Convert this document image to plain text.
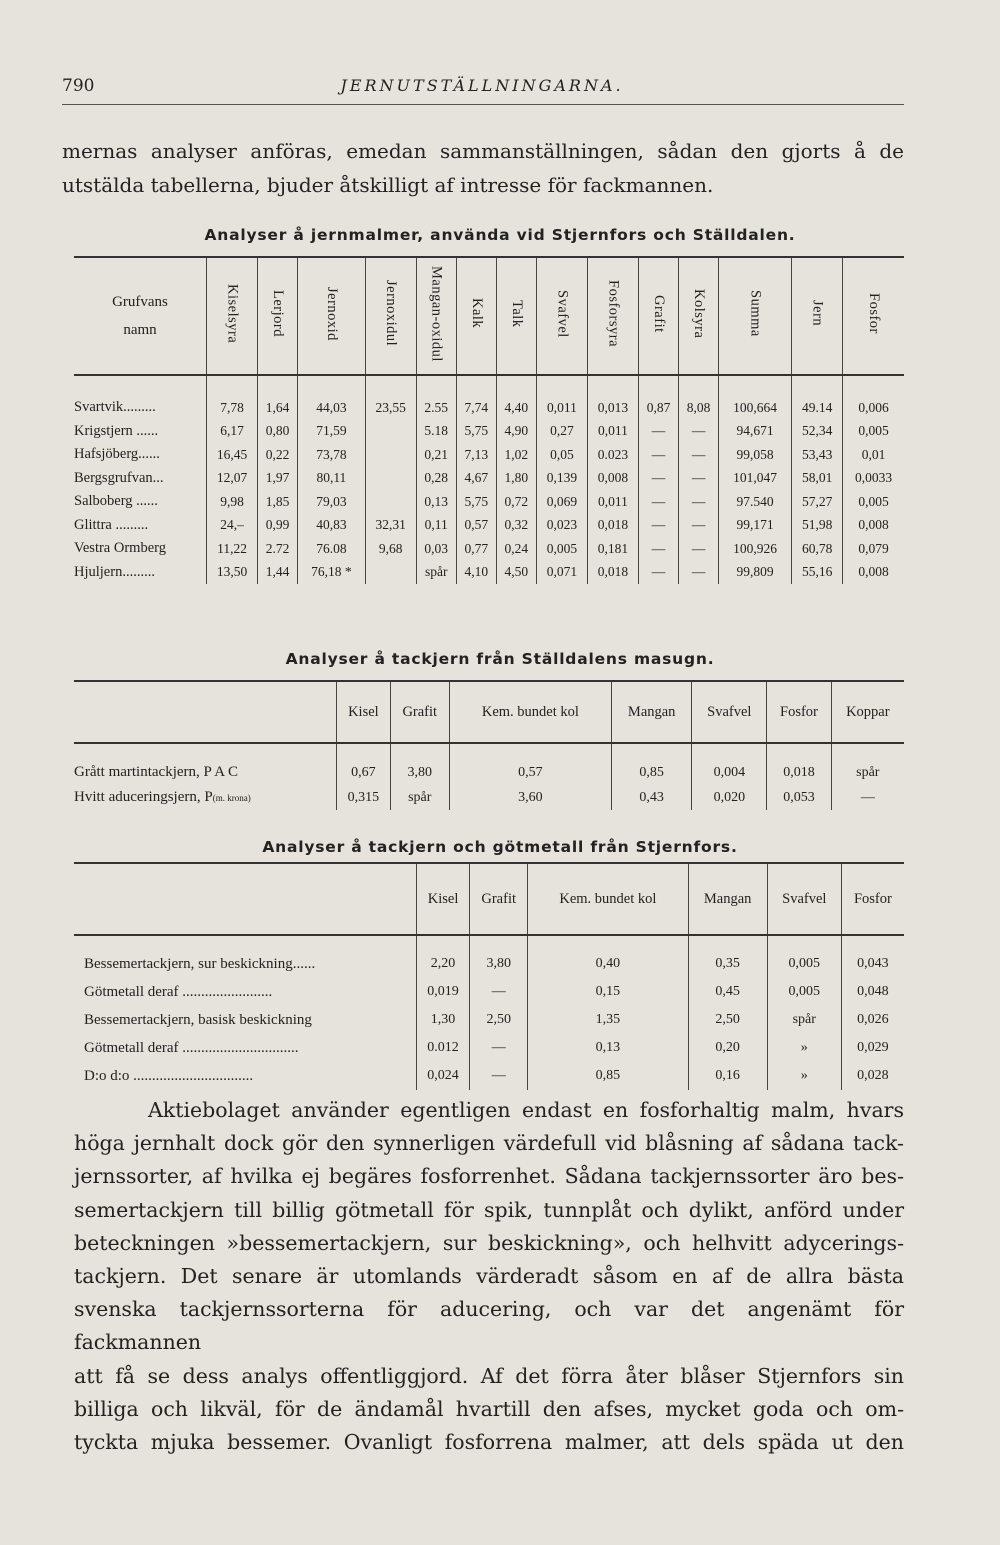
790	JERNUTSTÄLLNINGARNA.
mernas analyser anföras, emedan sammanställningen, sådan den gjorts å de
utstälda tabellerna, bjuder åtskilligt af intresse för fackmannen.
Analyser å jernmalmer, använda vid Stjernfors och Ställdalen.
Grufvans namn	Kiselsyra	Lerjord	Jernoxid	Jernoxidul	Mangan-oxidul	Kalk	Talk	Svafvel	Fosforsyra	Grafit	Kolsyra	Summa	Jern	Fosfor
Svartvik.........	7,78	1,64	44,03	23,55	2.55	7,74	4,40	0,011	0,013	0,87	8,08	100,664	49.14	0,006
Krigstjern ......	6,17	0,80	71,59		5.18	5,75	4,90	0,27	0,011	—	—	94,671	52,34	0,005
Hafsjöberg......	16,45	0,22	73,78		0,21	7,13	1,02	0,05	0.023	—	—	99,058	53,43	0,01
Bergsgrufvan...	12,07	1,97	80,11		0,28	4,67	1,80	0,139	0,008	—	—	101,047	58,01	0,0033
Salboberg ......	9,98	1,85	79,03		0,13	5,75	0,72	0,069	0,011	—	—	97.540	57,27	0,005
Glittra .........	24,–	0,99	40,83	32,31	0,11	0,57	0,32	0,023	0,018	—	—	99,171	51,98	0,008
Vestra Ormberg	11,22	2.72	76.08	9,68	0,03	0,77	0,24	0,005	0,181	—	—	100,926	60,78	0,079
Hjuljern.........	13,50	1,44	76,18 *		spår	4,10	4,50	0,071	0,018	—	—	99,809	55,16	0,008
Analyser å tackjern från Ställdalens masugn.
	Kisel	Grafit	Kem. bundet kol	Mangan	Svafvel	Fosfor	Koppar
Grått martintackjern, P A C	0,67	3,80	0,57	0,85	0,004	0,018	spår
Hvitt aduceringsjern, P(m. kronа)	0,315	spår	3,60	0,43	0,020	0,053	—
Analyser å tackjern och götmetall från Stjernfors.
	Kisel	Grafit	Kem. bundet kol	Mangan	Svafvel	Fosfor
Bessemertackjern, sur beskickning......	2,20	3,80	0,40	0,35	0,005	0,043
Götmetall deraf ........................	0,019	—	0,15	0,45	0,005	0,048
Bessemertackjern, basisk beskickning	1,30	2,50	1,35	2,50	spår	0,026
Götmetall deraf ...............................	0.012	—	0,13	0,20	»	0,029
D:o d:o ................................	0,024	—	0,85	0,16	»	0,028
Aktiebolaget använder egentligen endast en fosforhaltig malm, hvars
höga jernhalt dock gör den synnerligen värdefull vid blåsning af sådana tack-
jernssorter, af hvilka ej begäres fosforrenhet. Sådana tackjernssorter äro bes-
semertackjern till billig götmetall för spik, tunnplåt och dylikt, anförd under
beteckningen »bessemertackjern, sur beskickning», och helhvitt adycerings-
tackjern. Det senare är utomlands värderadt såsom en af de allra bästa
svenska tackjernssorterna för aducering, och var det angenämt för fackmannen
att få se dess analys offentliggjord. Af det förra åter blåser Stjernfors sin
billiga och likväl, för de ändamål hvartill den afses, mycket goda och om-
tyckta mjuka bessemer. Ovanligt fosforrena malmer, att dels späda ut den
